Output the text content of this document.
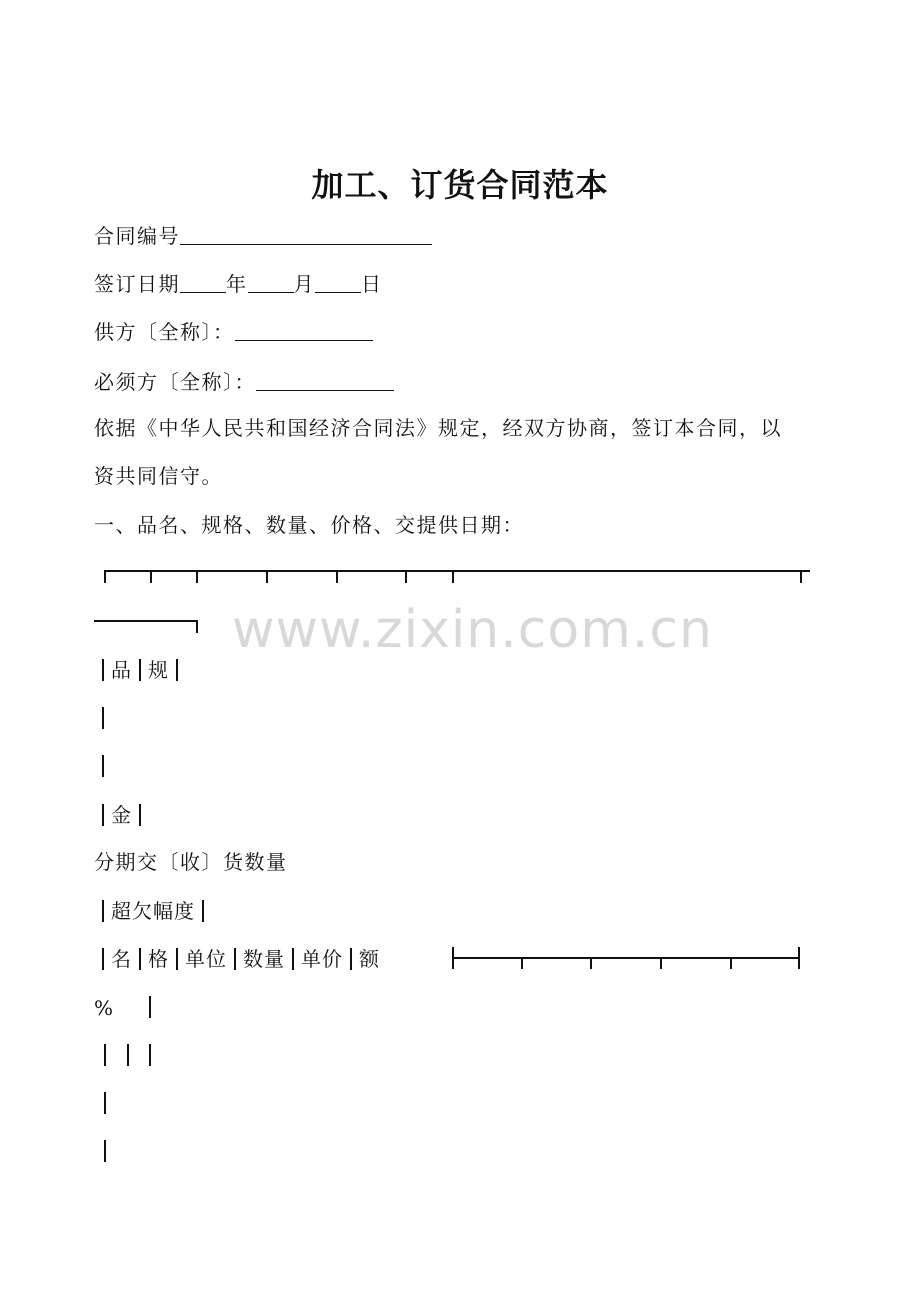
加工、订货合同范本
合同编号
签订日期 年 月 日
供方〔全称〕：
必须方〔全称〕：
依据《中华人民共和国经济合同法》规定，经双方协商，签订本合同，以
资共同信守。
一、品名、规格、数量、价格、交提供日期：
www.zixin.com.cn
品 规
金
分期交〔收〕货数量
超欠幅度
名 格 单位 数量 单价 额
%
